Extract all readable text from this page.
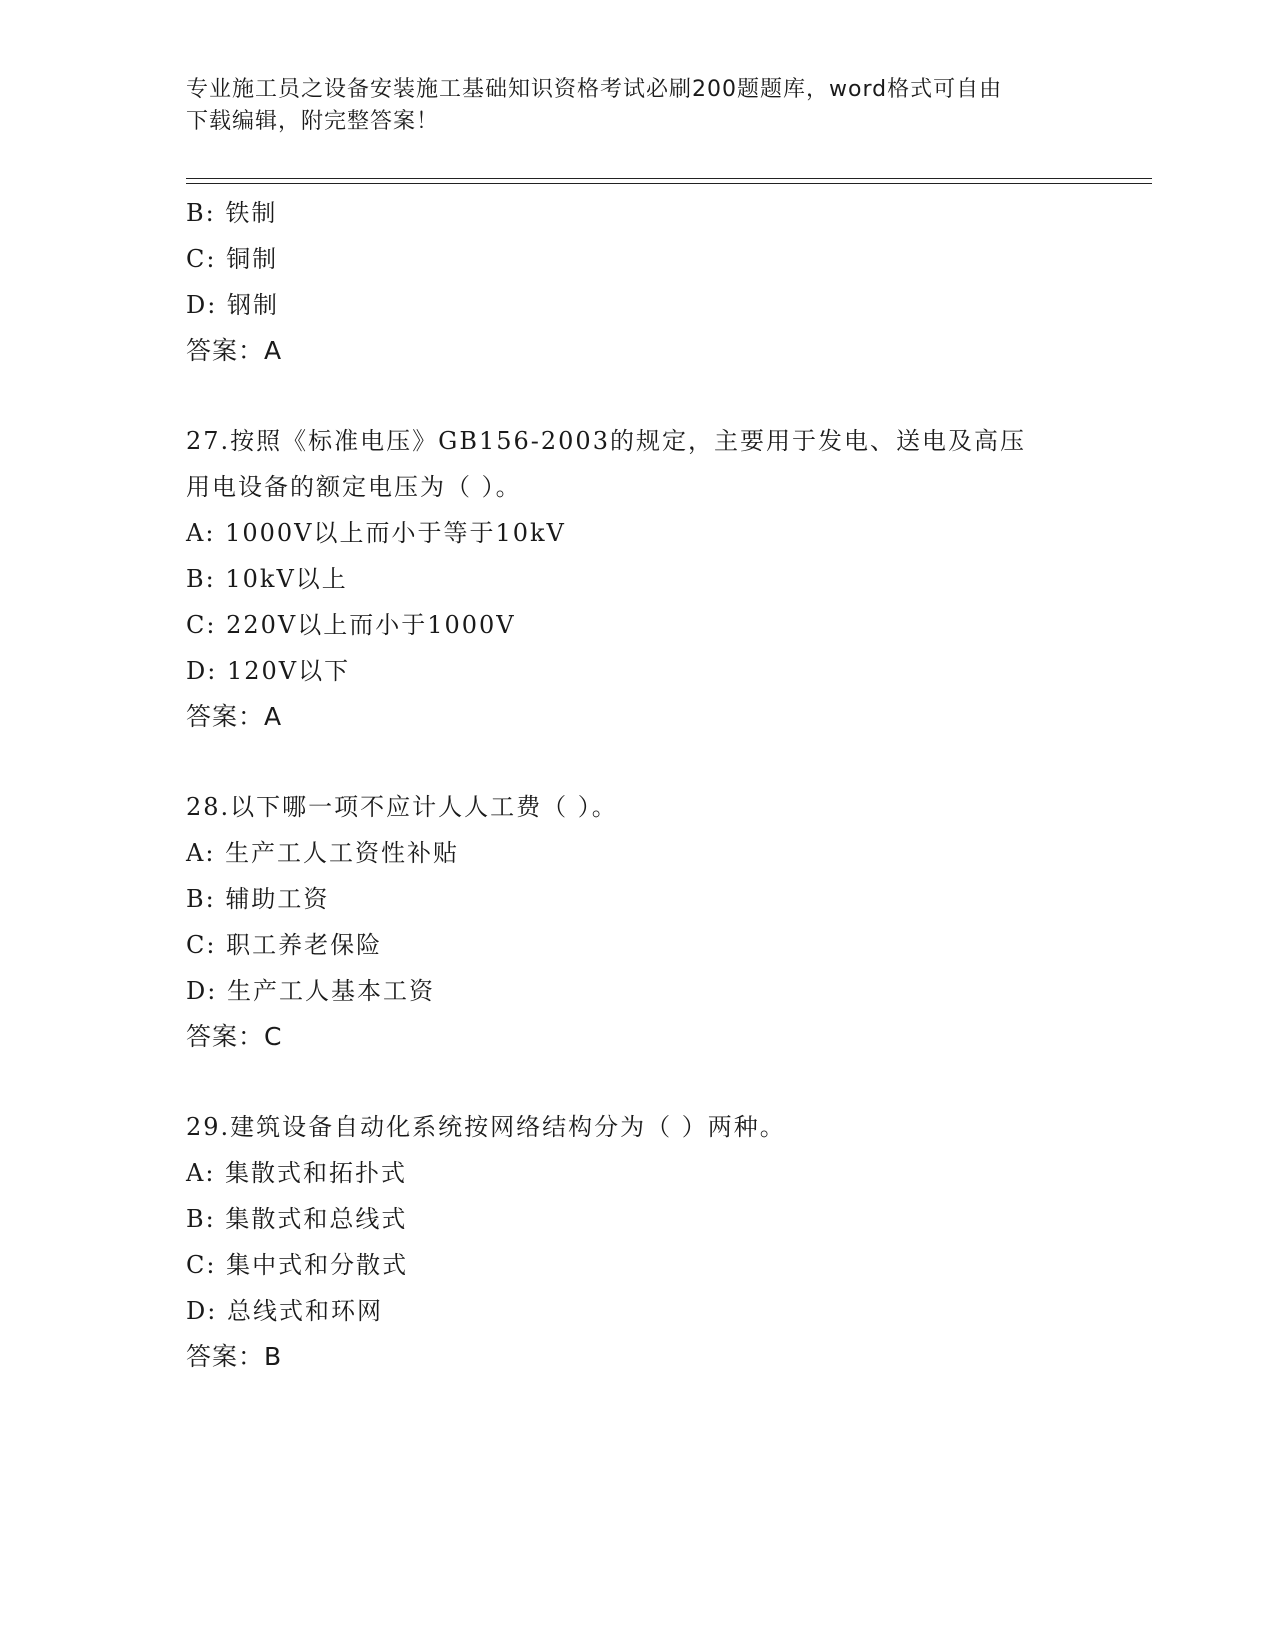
专业施工员之设备安装施工基础知识资格考试必刷200题题库，word格式可自由
下载编辑，附完整答案！
B: 铁制
C: 铜制
D: 钢制
答案：A
27.按照《标准电压》GB156-2003的规定，主要用于发电、送电及高压
用电设备的额定电压为（ ）。
A: 1000V以上而小于等于10kV
B: 10kV以上
C: 220V以上而小于1000V
D: 120V以下
答案：A
28.以下哪一项不应计人人工费（ ）。
A: 生产工人工资性补贴
B: 辅助工资
C: 职工养老保险
D: 生产工人基本工资
答案：C
29.建筑设备自动化系统按网络结构分为（ ）两种。
A: 集散式和拓扑式
B: 集散式和总线式
C: 集中式和分散式
D: 总线式和环网
答案：B
